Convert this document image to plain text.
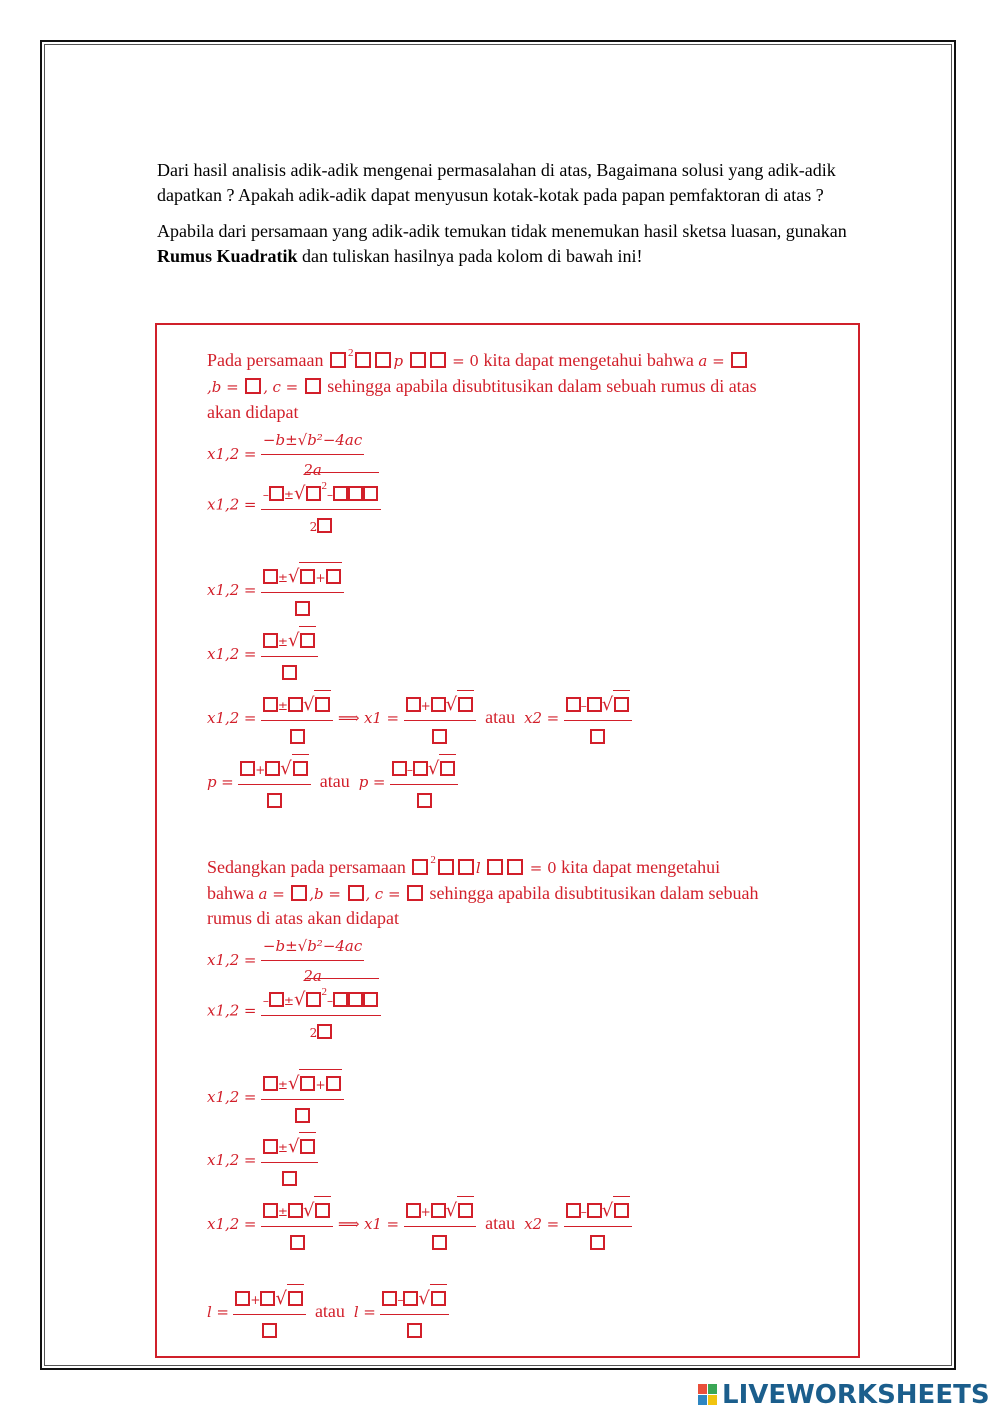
Dari hasil analisis adik-adik mengenai permasalahan di atas, Bagaimana solusi yang adik-adik dapatkan ? Apakah adik-adik dapat menyusun kotak-kotak pada papan pemfaktoran di atas ?

Apabila dari persamaan yang adik-adik temukan tidak menemukan hasil sketsa luasan, gunakan Rumus Kuadratik dan tuliskan hasilnya pada kolom di bawah ini!

Pada persamaan $^2$	p	= 0 kita dapat mengetahui bahwa a =
,b = , c = sehingga apabila disubtitusikan dalam sebuah rumus di atas
akan didapat
$x1,2 = \frac{\text{−b±√b²−4ac}}{2a}$
$x1,2 = \frac{- \pm√ ^2-}{2}$
x1,2 =
±√ +
x1,2 =
±√
x1,2 =
± √
⟹ x1 =
+ √
atau x2 =
– √
p =
+ √
atau p =
– √
Sedangkan pada persamaan $^2$	l	= 0 kita dapat mengetahui
bahwa a = ,b = , c = sehingga apabila disubtitusikan dalam sebuah
rumus di atas akan didapat
$x1,2 = \frac{\text{−b±√b²−4ac}}{2a}$
$x1,2 = \frac{- \pm√ ^2-}{2}$
x1,2 =
±√ +
x1,2 =
±√
x1,2 =
± √
⟹ x1 =
+ √
atau x2 =
– √
l =
+ √
atau l =
– √
LIVEWORKSHEETS
